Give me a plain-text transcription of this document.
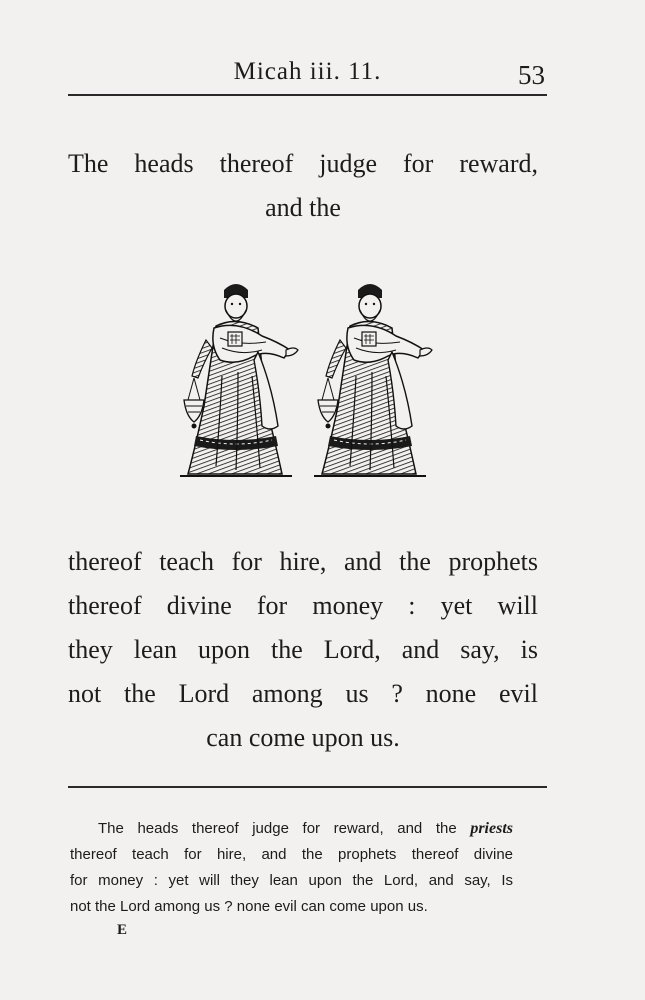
Micah iii. 11.	53
The heads thereof judge for reward,
and the
thereof teach for hire, and the prophets
thereof divine for money : yet will
they lean upon the Lord, and say, is
not the Lord among us ? none evil
can come upon us.
The heads thereof judge for reward, and the priests
thereof teach for hire, and the prophets thereof divine
for money : yet will they lean upon the Lord, and say, Is
not the Lord among us ? none evil can come upon us.
E
